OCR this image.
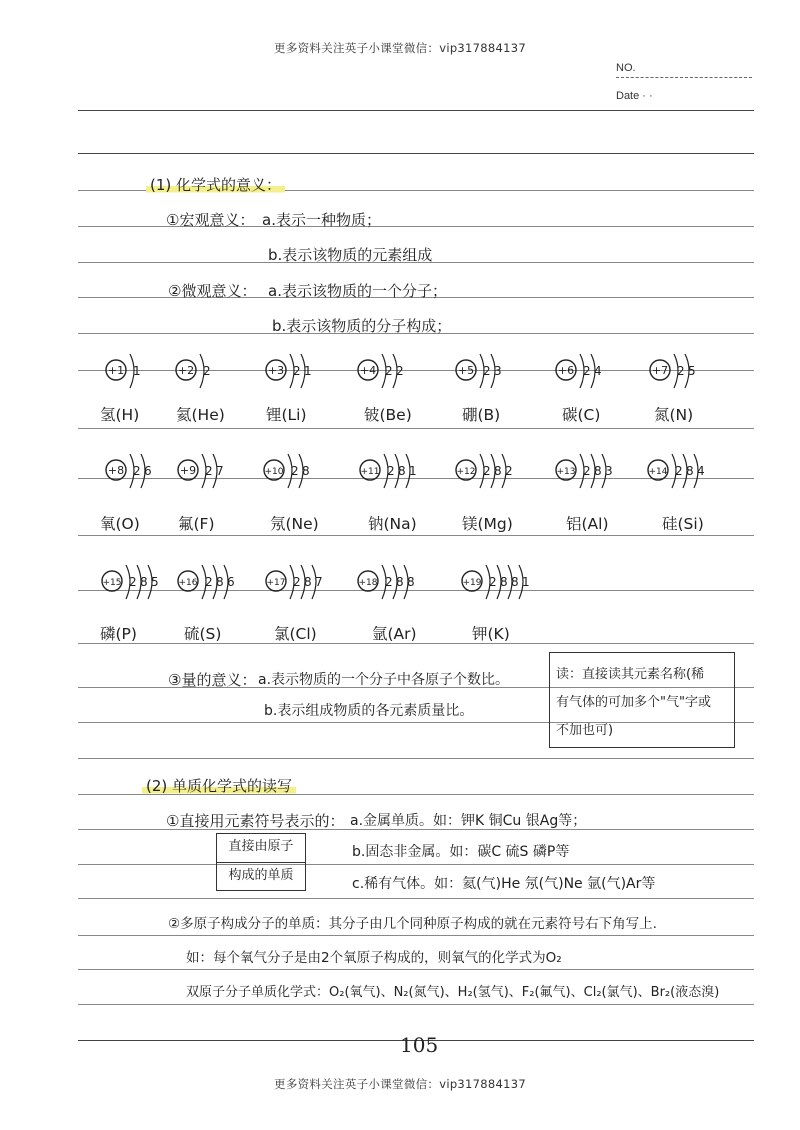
更多资料关注英子小课堂微信：vip317884137
NO.
Date · ·
(1) 化学式的意义：
①宏观意义： a.表示一种物质；
b.表示该物质的元素组成
②微观意义： a.表示该物质的一个分子；
b.表示该物质的分子构成；
+1 1
氢(H)
+2 2
氦(He)
+3 2 1
锂(Li)
+4 2 2
铍(Be)
+5 2 3
硼(B)
+6 2 4
碳(C)
+7 2 5
氮(N)
+8 2 6
氧(O)
+9 2 7
氟(F)
+10 2 8
氖(Ne)
+11 2 8 1
钠(Na)
+12 2 8 2
镁(Mg)
+13 2 8 3
铝(Al)
+14 2 8 4
硅(Si)
+15 2 8 5
磷(P)
+16 2 8 6
硫(S)
+17 2 8 7
氯(Cl)
+18 2 8 8
氩(Ar)
+19 2 8 8 1
钾(K)
③量的意义： a.表示物质的一个分子中各原子个数比。
b.表示组成物质的各元素质量比。
读：直接读其元素名称(稀
有气体的可加多个"气"字或
不加也可)
(2) 单质化学式的读写
①直接用元素符号表示的： a.金属单质。如：钾K 铜Cu 银Ag等；
直接由原子
构成的单质
b.固态非金属。如：碳C 硫S 磷P等
c.稀有气体。如：氦(气)He 氖(气)Ne 氩(气)Ar等
②多原子构成分子的单质：其分子由几个同种原子构成的就在元素符号右下角写上.
如：每个氧气分子是由2个氧原子构成的，则氧气的化学式为O₂
双原子分子单质化学式：O₂(氧气)、N₂(氮气)、H₂(氢气)、F₂(氟气)、Cl₂(氯气)、Br₂(液态溴)
105
更多资料关注英子小课堂微信：vip317884137
